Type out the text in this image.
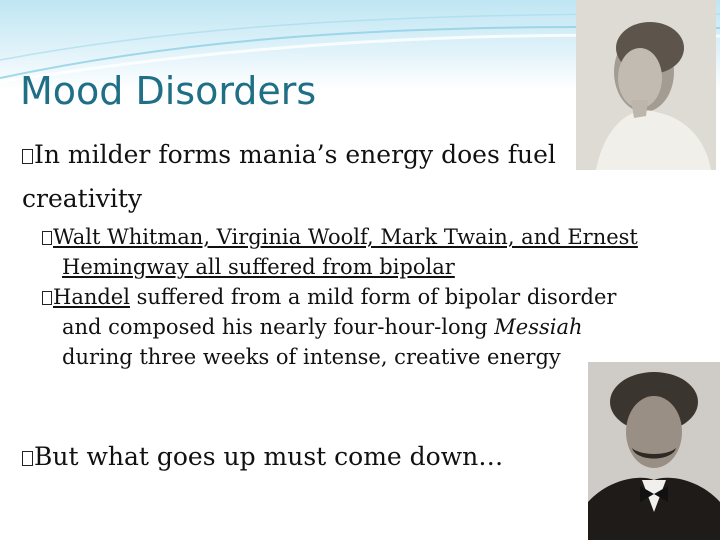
Mood Disorders
In milder forms mania’s energy does fuel creativity
Walt Whitman, Virginia Woolf, Mark Twain, and Ernest Hemingway all suffered from bipolar
Handel suffered from a mild form of bipolar disorder and composed his nearly four-hour-long Messiah during three weeks of intense, creative energy
But what goes up must come down…
